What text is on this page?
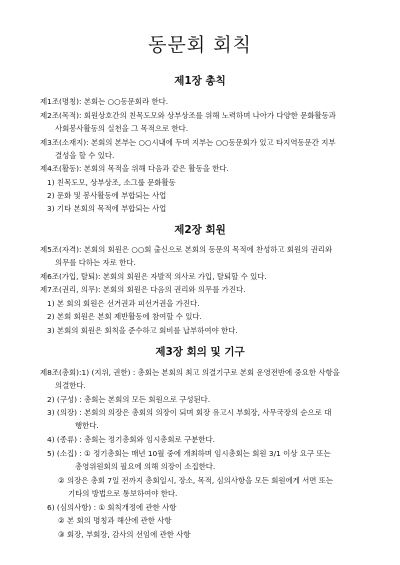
동문회 회칙
제1장 총칙
제1조(명칭): 본회는 ○○동문회라 한다.
제2조(목적): 회원상호간의 친목도모와 상부상조를 위해 노력하며 나아가 다양한 문화활동과
사회봉사활동의 실천을 그 목적으로 한다.
제3조(소재지): 본회의 본부는 ○○시내에 두며 지부는 ○○동문회가 있고 타지역동문간 지부
결성을 할 수 있다.
제4조(활동): 본회의 목적을 위해 다음과 같은 활동을 한다.
1) 친목도모, 상부상조, 소그룹 문화활동
2) 문화 및 봉사활동에 부합되는 사업
3) 기타 본회의 목적에 부합되는 사업
제2장 회원
제5조(자격): 본회의 회원은 ○○회 출신으로 본회의 동문의 목적에 찬성하고 회원의 권리와
의무를 다하는 자로 한다.
제6조(가입, 탈퇴): 본회의 회원은 자발적 의사로 가입, 탈퇴할 수 있다.
제7조(권리, 의무): 본회의 회원은 다음의 권리와 의무를 가진다.
1) 본 회의 회원은 선거권과 피선거권을 가진다.
2) 본회 회원은 본회 제반활동에 참여할 수 있다.
3) 본회의 회원은 회칙을 준수하고 회비를 납부하여야 한다.
제3장 회의 및 기구
제8조(총회):1) (지위, 권한) : 총회는 본회의 최고 의결기구로 본회 운영전반에 중요한 사항을
의결한다.
2) (구성) : 총회는 본회의 모든 회원으로 구성된다.
3) (의장) : 본회의 의장은 총회의 의장이 되며 회장 유고시 부회장, 사무국장의 순으로 대
행한다.
4) (종류) : 총회는 정기총회와 임시총회로 구분한다.
5) (소집) : ① 정기총회는 매년 10월 중에 개최하며 임시총회는 회원 3/1 이상 요구 또는
총영위원회의 필요에 의해 의장이 소집한다.
② 의장은 총회 7일 전까지 총회일시, 장소, 목적, 심의사항을 모든 회원에게 서면 또는
기타의 방법으로 통보하여야 한다.
6) (심의사항) : ① 회칙개정에 관한 사항
② 본 회의 명칭과 해산에 관한 사항
③ 회장, 부회장, 감사의 선임에 관한 사항
